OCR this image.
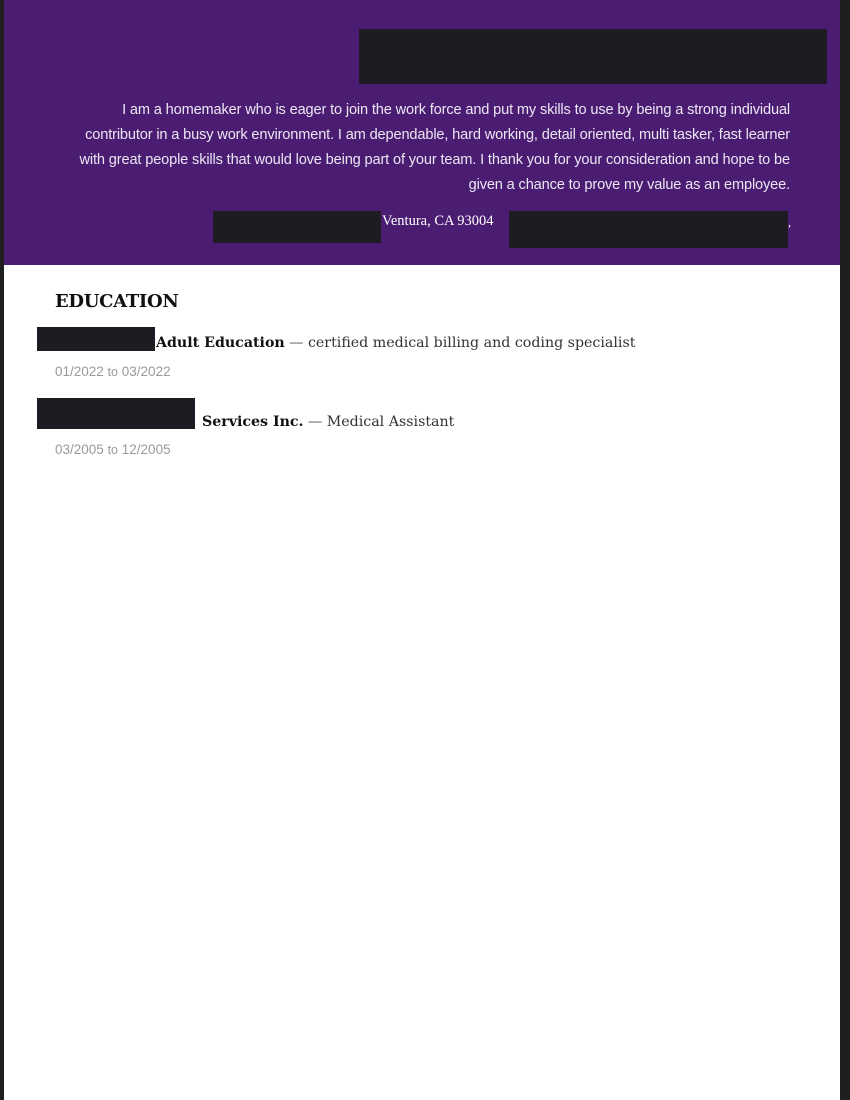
I am a homemaker who is eager to join the work force and put my skills to use by being a strong individual contributor in a busy work environment. I am dependable, hard working, detail oriented, multi tasker, fast learner with great people skills that would love being part of your team. I thank you for your consideration and hope to be given a chance to prove my value as an employee.

Ventura, CA 93004	,
EDUCATION

Adult Education — certified medical billing and coding specialist

01/2022 to 03/2022

Services Inc. — Medical Assistant

03/2005 to 12/2005
